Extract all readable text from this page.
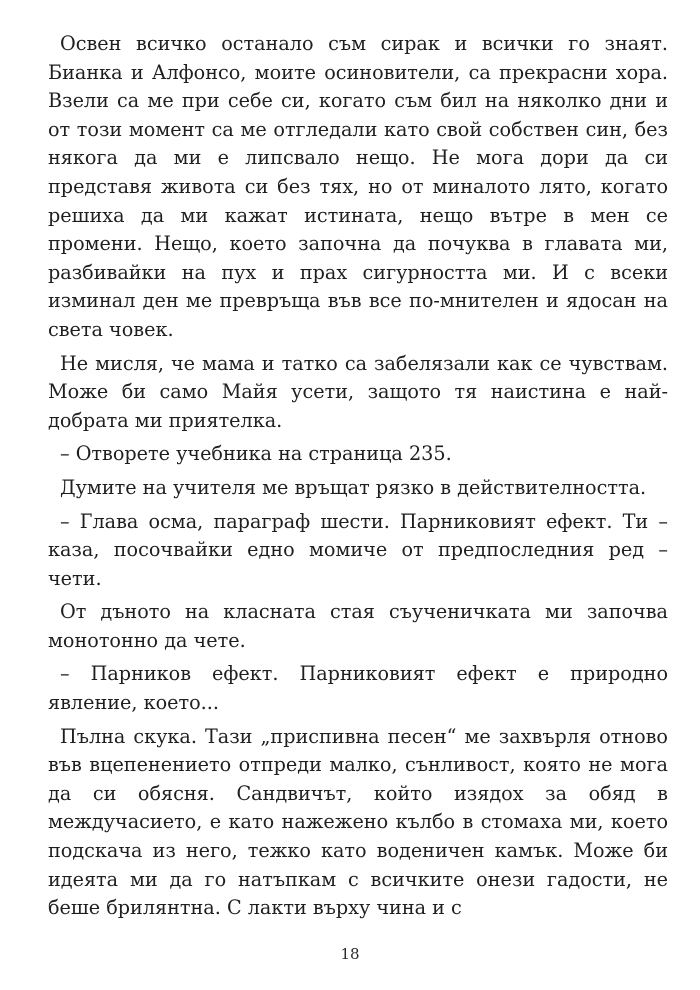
Освен всичко останало съм сирак и всички го знаят. Бианка и Алфонсо, моите осиновители, са прекрасни хора. Взели са ме при себе си, когато съм бил на няколко дни и от този момент са ме отгледали като свой собствен син, без някога да ми е липсвало нещо. Не мога дори да си представя живота си без тях, но от миналото лято, когато решиха да ми кажат истината, нещо вътре в мен се промени. Нещо, което започна да почуква в главата ми, разбивайки на пух и прах сигурността ми. И с всеки изминал ден ме превръща във все по-мнителен и ядосан на света човек.

Не мисля, че мама и татко са забелязали как се чувствам. Може би само Майя усети, защото тя наистина е най-добрата ми приятелка.

– Отворете учебника на страница 235.

Думите на учителя ме връщат рязко в действителността.

– Глава осма, параграф шести. Парниковият ефект. Ти – каза, посочвайки едно момиче от предпоследния ред – чети.

От дъното на класната стая съученичката ми започва монотонно да чете.

– Парников ефект. Парниковият ефект е природно явление, което...

Пълна скука. Тази „приспивна песен“ ме захвърля отново във вцепенението отпреди малко, сънливост, която не мога да си обясня. Сандвичът, който изядох за обяд в междучасието, е като нажежено кълбо в стомаха ми, което подскача из него, тежко като воденичен камък. Може би идеята ми да го натъпкам с всичките онези гадости, не беше брилянтна. С лакти върху чина и с

18
